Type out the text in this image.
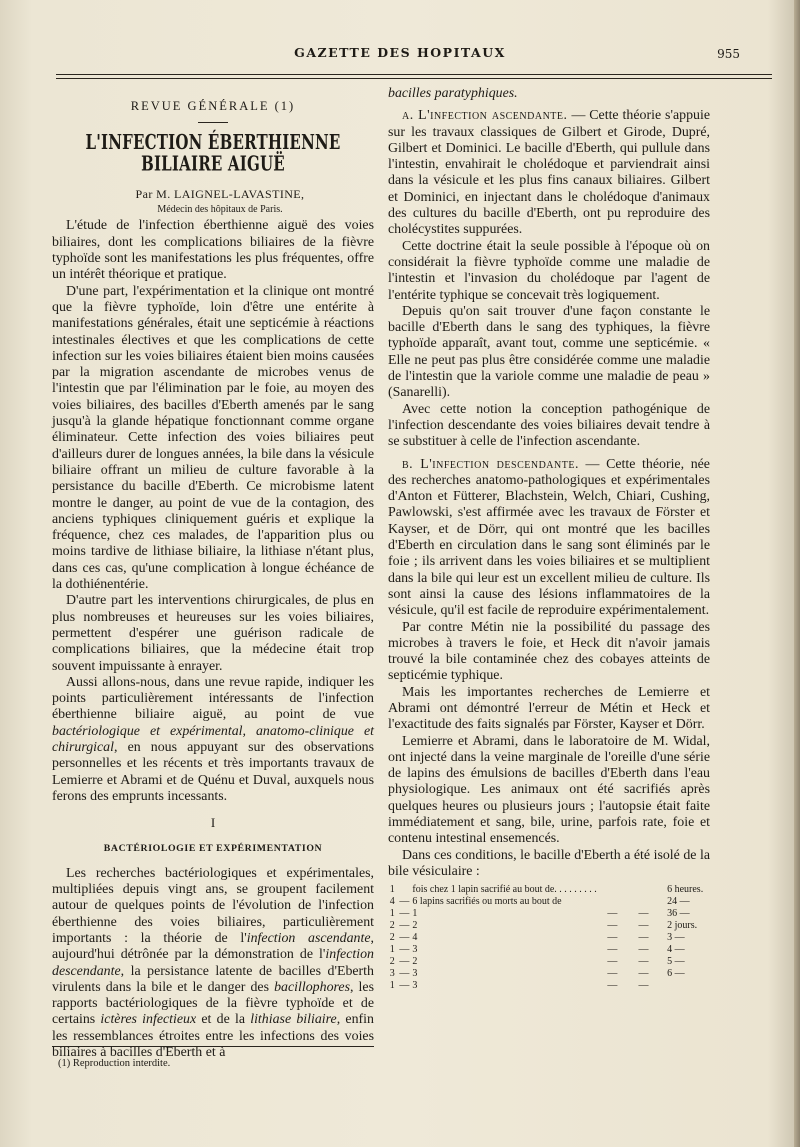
GAZETTE DES HOPITAUX	955
REVUE GÉNÉRALE (1)
L'INFECTION ÉBERTHIENNE BILIAIRE AIGUË

Par M. LAIGNEL-LAVASTINE,

Médecin des hôpitaux de Paris.

L'étude de l'infection éberthienne aiguë des voies biliaires, dont les complications biliaires de la fièvre typhoïde sont les manifestations les plus fréquentes, offre un intérêt théorique et pratique.

D'une part, l'expérimentation et la clinique ont montré que la fièvre typhoïde, loin d'être une entérite à manifestations générales, était une septicémie à réactions intestinales électives et que les complications de cette infection sur les voies biliaires étaient bien moins causées par la migration ascendante de microbes venus de l'intestin que par l'élimination par le foie, au moyen des voies biliaires, des bacilles d'Eberth amenés par le sang jusqu'à la glande hépatique fonctionnant comme organe éliminateur. Cette infection des voies biliaires peut d'ailleurs durer de longues années, la bile dans la vésicule biliaire offrant un milieu de culture favorable à la persistance du bacille d'Eberth. Ce microbisme latent montre le danger, au point de vue de la contagion, des anciens typhiques cliniquement guéris et explique la fréquence, chez ces malades, de l'apparition plus ou moins tardive de lithiase biliaire, la lithiase n'étant plus, dans ces cas, qu'une complication à longue échéance de la dothiénentérie.

D'autre part les interventions chirurgicales, de plus en plus nombreuses et heureuses sur les voies biliaires, permettent d'espérer une guérison radicale de complications biliaires, que la médecine était trop souvent impuissante à enrayer.

Aussi allons-nous, dans une revue rapide, indiquer les points particulièrement intéressants de l'infection éberthienne biliaire aiguë, au point de vue bactériologique et expérimental, anatomo-clinique et chirurgical, en nous appuyant sur des observations personnelles et les récents et très importants travaux de Lemierre et Abrami et de Quénu et Duval, auxquels nous ferons des emprunts incessants.

I
BACTÉRIOLOGIE ET EXPÉRIMENTATION

Les recherches bactériologiques et expérimentales, multipliées depuis vingt ans, se groupent facilement autour de quelques points de l'évolution de l'infection éberthienne des voies biliaires, particulièrement importants : la théorie de l'infection ascendante, aujourd'hui détrônée par la démonstration de l'infection descendante, la persistance latente de bacilles d'Eberth virulents dans la bile et le danger des bacillophores, les rapports bactériologiques de la fièvre typhoïde et de certains ictères infectieux et de la lithiase biliaire, enfin les ressemblances étroites entre les infections des voies biliaires à bacilles d'Eberth et à

(1) Reproduction interdite.

bacilles paratyphiques.

a. L'infection ascendante. — Cette théorie s'appuie sur les travaux classiques de Gilbert et Girode, Dupré, Gilbert et Dominici. Le bacille d'Eberth, qui pullule dans l'intestin, envahirait le cholédoque et parviendrait ainsi dans la vésicule et les plus fins canaux biliaires. Gilbert et Dominici, en injectant dans le cholédoque d'animaux des cultures du bacille d'Eberth, ont pu reproduire des cholécystites suppurées.

Cette doctrine était la seule possible à l'époque où on considérait la fièvre typhoïde comme une maladie de l'intestin et l'invasion du cholédoque par l'agent de l'entérite typhique se concevait très logiquement.

Depuis qu'on sait trouver d'une façon constante le bacille d'Eberth dans le sang des typhiques, la fièvre typhoïde apparaît, avant tout, comme une septicémie. « Elle ne peut pas plus être considérée comme une maladie de l'intestin que la variole comme une maladie de peau » (Sanarelli).

Avec cette notion la conception pathogénique de l'infection descendante des voies biliaires devait tendre à se substituer à celle de l'infection ascendante.

b. L'infection descendante. — Cette théorie, née des recherches anatomo-pathologiques et expérimentales d'Anton et Fütterer, Blachstein, Welch, Chiari, Cushing, Pawlowski, s'est affirmée avec les travaux de Förster et Kayser, et de Dörr, qui ont montré que les bacilles d'Eberth en circulation dans le sang sont éliminés par le foie ; ils arrivent dans les voies biliaires et se multiplient dans la bile qui leur est un excellent milieu de culture. Ils sont ainsi la cause des lésions inflammatoires de la vésicule, qu'il est facile de reproduire expérimentalement.

Par contre Métin nie la possibilité du passage des microbes à travers le foie, et Heck dit n'avoir jamais trouvé la bile contaminée chez des cobayes atteints de septicémie typhique.

Mais les importantes recherches de Lemierre et Abrami ont démontré l'erreur de Métin et Heck et l'exactitude des faits signalés par Förster, Kayser et Dörr.

Lemierre et Abrami, dans le laboratoire de M. Widal, ont injecté dans la veine marginale de l'oreille d'une série de lapins des émulsions de bacilles d'Eberth dans l'eau physiologique. Les animaux ont été sacrifiés après quelques heures ou plusieurs jours ; l'autopsie était faite immédiatement et sang, bile, urine, parfois rate, foie et contenu intestinal ensemencés.

Dans ces conditions, le bacille d'Eberth a été isolé de la bile vésiculaire :

1		fois chez 1 lapin sacrifié au bout de. . . . . . . . .			6 heures.
4	—	6 lapins sacrifiés ou morts au bout de			24 —
1	—	1	—	—	36 —
2	—	2	—	—	2 jours.
2	—	4	—	—	3 —
1	—	3	—	—	4 —
2	—	2	—	—	5 —
3	—	3	—	—	6 —
1	—	3	—	—	
